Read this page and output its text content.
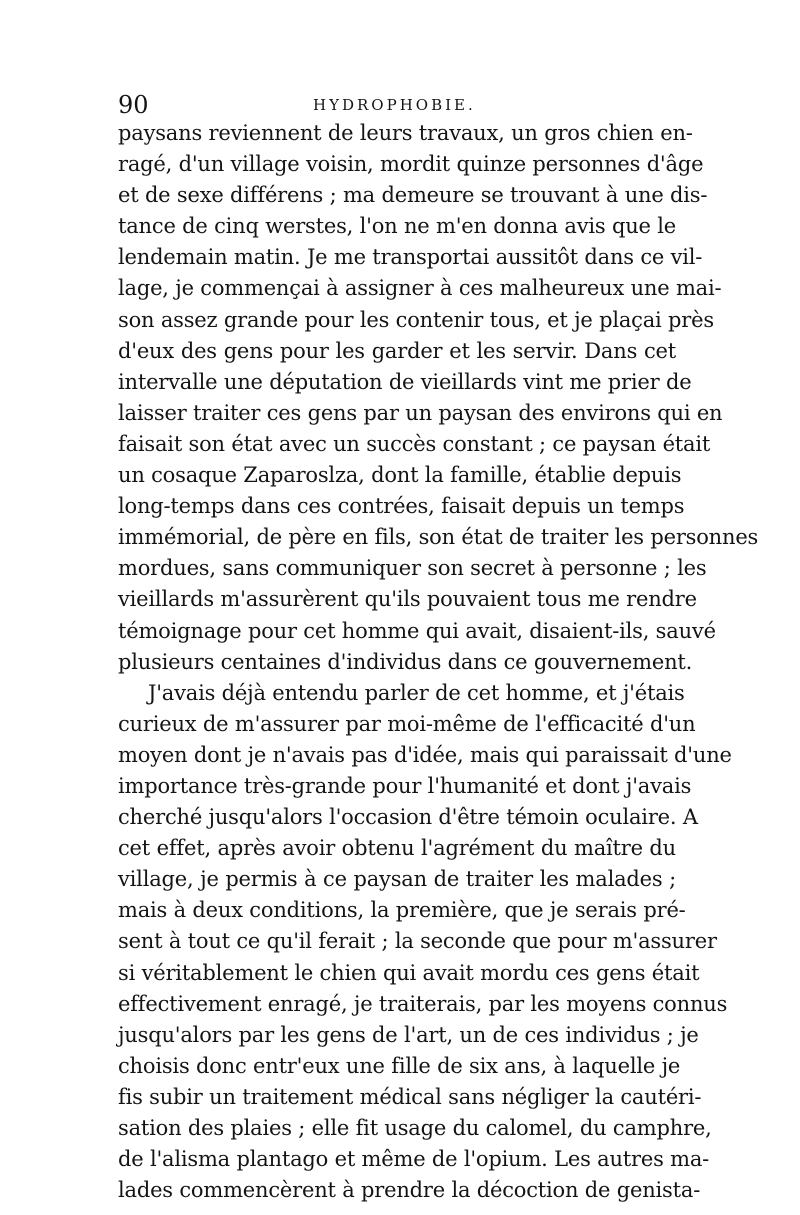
90	HYDROPHOBIE.
paysans reviennent de leurs travaux, un gros chien en-
ragé, d'un village voisin, mordit quinze personnes d'âge
et de sexe différens ; ma demeure se trouvant à une dis-
tance de cinq werstes, l'on ne m'en donna avis que le
lendemain matin. Je me transportai aussitôt dans ce vil-
lage, je commençai à assigner à ces malheureux une mai-
son assez grande pour les contenir tous, et je plaçai près
d'eux des gens pour les garder et les servir. Dans cet
intervalle une députation de vieillards vint me prier de
laisser traiter ces gens par un paysan des environs qui en
faisait son état avec un succès constant ; ce paysan était
un cosaque Zaparoslza, dont la famille, établie depuis
long-temps dans ces contrées, faisait depuis un temps
immémorial, de père en fils, son état de traiter les personnes
mordues, sans communiquer son secret à personne ; les
vieillards m'assurèrent qu'ils pouvaient tous me rendre
témoignage pour cet homme qui avait, disaient-ils, sauvé
plusieurs centaines d'individus dans ce gouvernement.
J'avais déjà entendu parler de cet homme, et j'étais
curieux de m'assurer par moi-même de l'efficacité d'un
moyen dont je n'avais pas d'idée, mais qui paraissait d'une
importance très-grande pour l'humanité et dont j'avais
cherché jusqu'alors l'occasion d'être témoin oculaire. A
cet effet, après avoir obtenu l'agrément du maître du
village, je permis à ce paysan de traiter les malades ;
mais à deux conditions, la première, que je serais pré-
sent à tout ce qu'il ferait ; la seconde que pour m'assurer
si véritablement le chien qui avait mordu ces gens était
effectivement enragé, je traiterais, par les moyens connus
jusqu'alors par les gens de l'art, un de ces individus ; je
choisis donc entr'eux une fille de six ans, à laquelle je
fis subir un traitement médical sans négliger la cautéri-
sation des plaies ; elle fit usage du calomel, du camphre,
de l'alisma plantago et même de l'opium. Les autres ma-
lades commencèrent à prendre la décoction de genista-
